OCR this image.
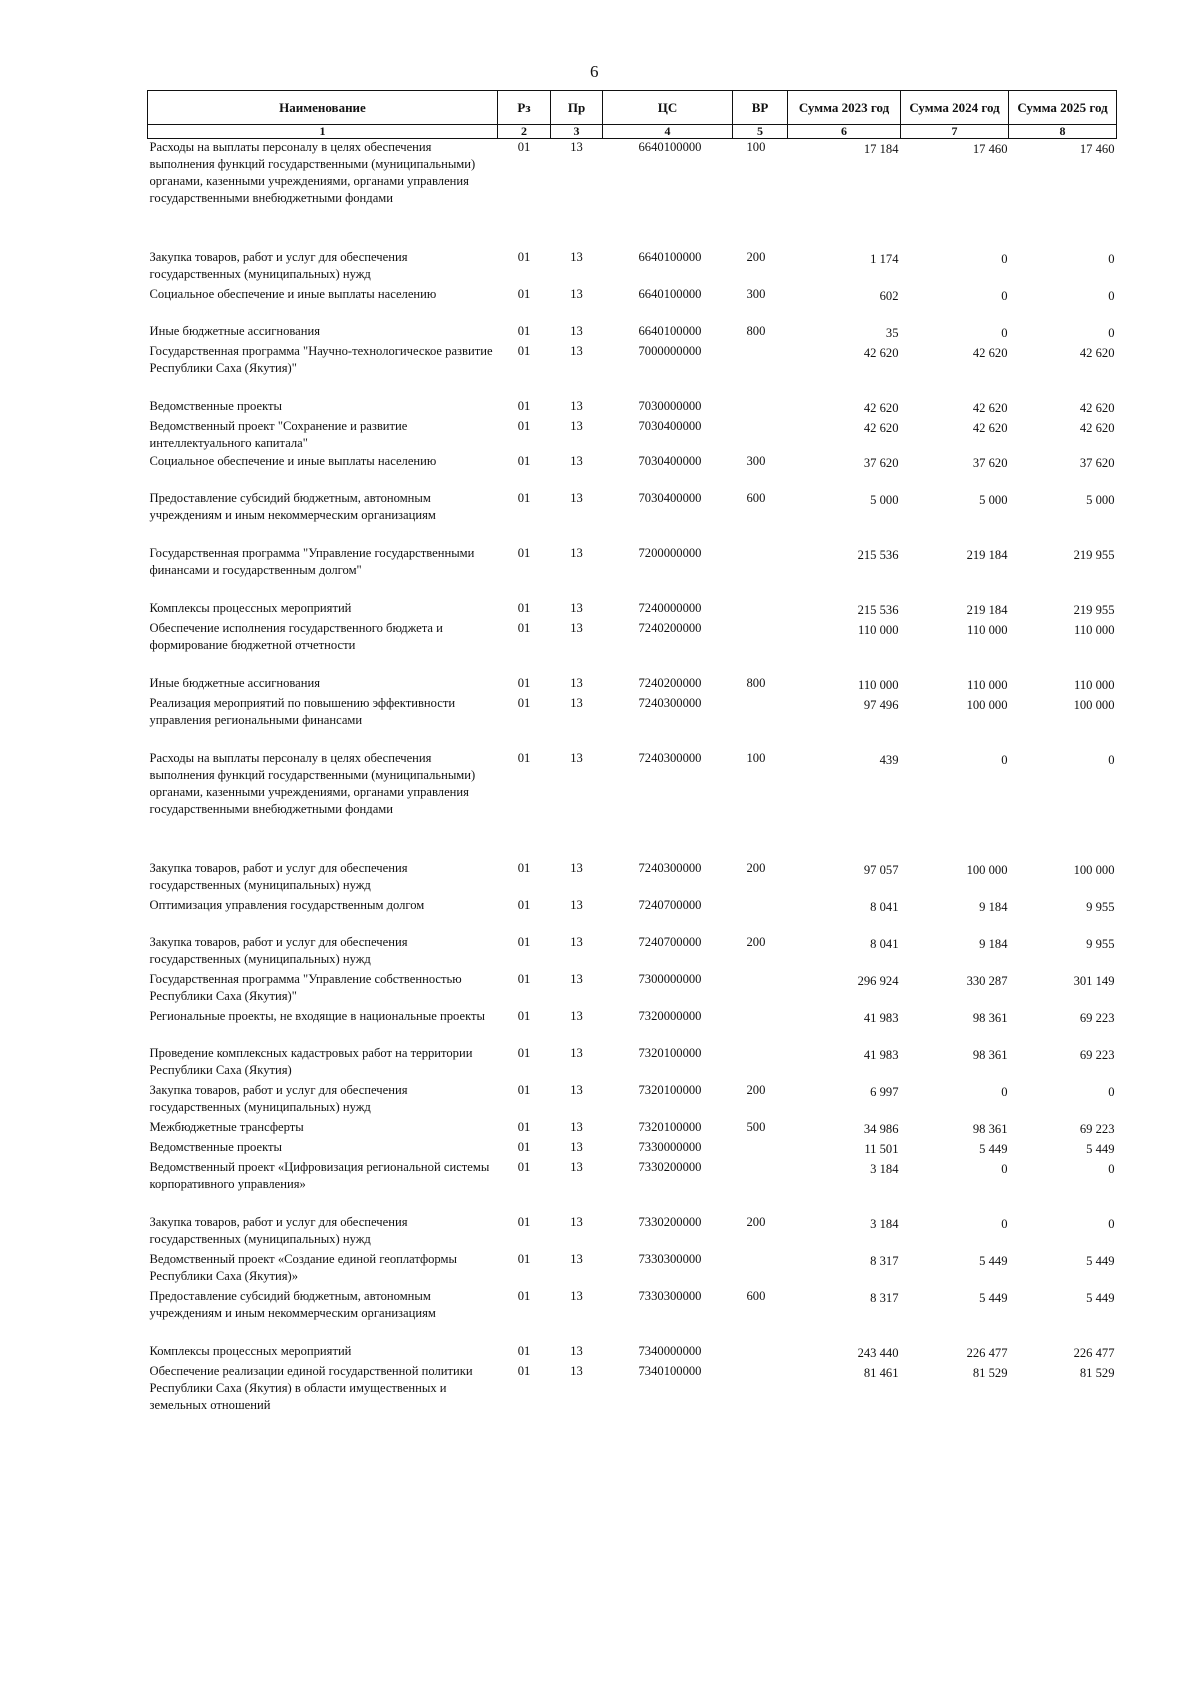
6
Наименование	Рз	Пр	ЦС	ВР	Сумма 2023 год	Сумма 2024 год	Сумма 2025 год
1	2	3	4	5	6	7	8
Расходы на выплаты персоналу в целях обеспечения выполнения функций государственными (муниципальными) органами, казенными учреждениями, органами управления государственными внебюджетными фондами	01	13	6640100000	100	17 184	17 460	17 460
Закупка товаров, работ и услуг для обеспечения государственных (муниципальных) нужд	01	13	6640100000	200	1 174	0	0
Социальное обеспечение и иные выплаты населению	01	13	6640100000	300	602	0	0
Иные бюджетные ассигнования	01	13	6640100000	800	35	0	0
Государственная программа "Научно-технологическое развитие Республики Саха (Якутия)"	01	13	7000000000		42 620	42 620	42 620
Ведомственные проекты	01	13	7030000000		42 620	42 620	42 620
Ведомственный проект "Сохранение и развитие интеллектуального капитала"	01	13	7030400000		42 620	42 620	42 620
Социальное обеспечение и иные выплаты населению	01	13	7030400000	300	37 620	37 620	37 620
Предоставление субсидий бюджетным, автономным учреждениям и иным некоммерческим организациям	01	13	7030400000	600	5 000	5 000	5 000
Государственная программа "Управление государственными финансами и государственным долгом"	01	13	7200000000		215 536	219 184	219 955
Комплексы процессных мероприятий	01	13	7240000000		215 536	219 184	219 955
Обеспечение исполнения государственного бюджета и формирование бюджетной отчетности	01	13	7240200000		110 000	110 000	110 000
Иные бюджетные ассигнования	01	13	7240200000	800	110 000	110 000	110 000
Реализация мероприятий по повышению эффективности управления региональными финансами	01	13	7240300000		97 496	100 000	100 000
Расходы на выплаты персоналу в целях обеспечения выполнения функций государственными (муниципальными) органами, казенными учреждениями, органами управления государственными внебюджетными фондами	01	13	7240300000	100	439	0	0
Закупка товаров, работ и услуг для обеспечения государственных (муниципальных) нужд	01	13	7240300000	200	97 057	100 000	100 000
Оптимизация управления государственным долгом	01	13	7240700000		8 041	9 184	9 955
Закупка товаров, работ и услуг для обеспечения государственных (муниципальных) нужд	01	13	7240700000	200	8 041	9 184	9 955
Государственная программа "Управление собственностью Республики Саха (Якутия)"	01	13	7300000000		296 924	330 287	301 149
Региональные проекты, не входящие в национальные проекты	01	13	7320000000		41 983	98 361	69 223
Проведение комплексных кадастровых работ на территории Республики Саха (Якутия)	01	13	7320100000		41 983	98 361	69 223
Закупка товаров, работ и услуг для обеспечения государственных (муниципальных) нужд	01	13	7320100000	200	6 997	0	0
Межбюджетные трансферты	01	13	7320100000	500	34 986	98 361	69 223
Ведомственные проекты	01	13	7330000000		11 501	5 449	5 449
Ведомственный проект «Цифровизация региональной системы корпоративного управления»	01	13	7330200000		3 184	0	0
Закупка товаров, работ и услуг для обеспечения государственных (муниципальных) нужд	01	13	7330200000	200	3 184	0	0
Ведомственный проект «Создание единой геоплатформы Республики Саха (Якутия)»	01	13	7330300000		8 317	5 449	5 449
Предоставление субсидий бюджетным, автономным учреждениям и иным некоммерческим организациям	01	13	7330300000	600	8 317	5 449	5 449
Комплексы процессных мероприятий	01	13	7340000000		243 440	226 477	226 477
Обеспечение реализации единой государственной политики Республики Саха (Якутия) в области имущественных и земельных отношений	01	13	7340100000		81 461	81 529	81 529
